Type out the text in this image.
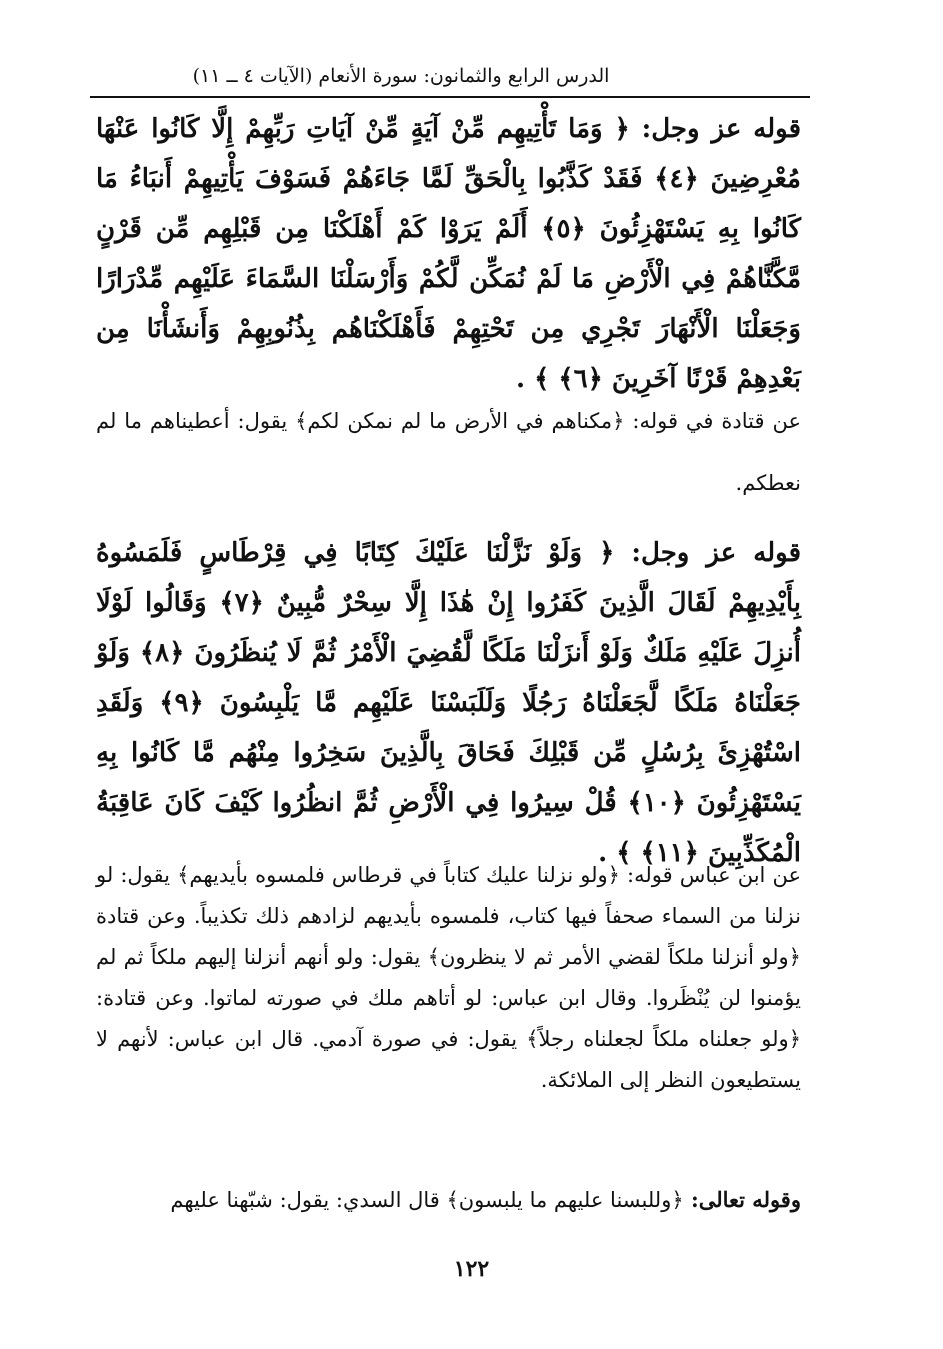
الدرس الرابع والثمانون: سورة الأنعام (الآيات ٤ ــ ١١)
قوله عز وجل: ﴿ وَمَا تَأْتِيهِم مِّنْ آيَةٍ مِّنْ آيَاتِ رَبِّهِمْ إِلَّا كَانُوا عَنْهَا مُعْرِضِينَ ﴿٤﴾ فَقَدْ كَذَّبُوا بِالْحَقِّ لَمَّا جَاءَهُمْ فَسَوْفَ يَأْتِيهِمْ أَنبَاءُ مَا كَانُوا بِهِ يَسْتَهْزِئُونَ ﴿٥﴾ أَلَمْ يَرَوْا كَمْ أَهْلَكْنَا مِن قَبْلِهِم مِّن قَرْنٍ مَّكَّنَّاهُمْ فِي الْأَرْضِ مَا لَمْ نُمَكِّن لَّكُمْ وَأَرْسَلْنَا السَّمَاءَ عَلَيْهِم مِّدْرَارًا وَجَعَلْنَا الْأَنْهَارَ تَجْرِي مِن تَحْتِهِمْ فَأَهْلَكْنَاهُم بِذُنُوبِهِمْ وَأَنشَأْنَا مِن بَعْدِهِمْ قَرْنًا آخَرِينَ ﴿٦﴾ ﴾ .
عن قتادة في قوله: ﴿مكناهم في الأرض ما لم نمكن لكم﴾ يقول: أعطيناهم ما لم نعطكم.
قوله عز وجل: ﴿ وَلَوْ نَزَّلْنَا عَلَيْكَ كِتَابًا فِي قِرْطَاسٍ فَلَمَسُوهُ بِأَيْدِيهِمْ لَقَالَ الَّذِينَ كَفَرُوا إِنْ هَٰذَا إِلَّا سِحْرٌ مُّبِينٌ ﴿٧﴾ وَقَالُوا لَوْلَا أُنزِلَ عَلَيْهِ مَلَكٌ وَلَوْ أَنزَلْنَا مَلَكًا لَّقُضِيَ الْأَمْرُ ثُمَّ لَا يُنظَرُونَ ﴿٨﴾ وَلَوْ جَعَلْنَاهُ مَلَكًا لَّجَعَلْنَاهُ رَجُلًا وَلَلَبَسْنَا عَلَيْهِم مَّا يَلْبِسُونَ ﴿٩﴾ وَلَقَدِ اسْتُهْزِئَ بِرُسُلٍ مِّن قَبْلِكَ فَحَاقَ بِالَّذِينَ سَخِرُوا مِنْهُم مَّا كَانُوا بِهِ يَسْتَهْزِئُونَ ﴿١٠﴾ قُلْ سِيرُوا فِي الْأَرْضِ ثُمَّ انظُرُوا كَيْفَ كَانَ عَاقِبَةُ الْمُكَذِّبِينَ ﴿١١﴾ ﴾ .
عن ابن عباس قوله: ﴿ولو نزلنا عليك كتاباً في قرطاس فلمسوه بأيديهم﴾ يقول: لو نزلنا من السماء صحفاً فيها كتاب، فلمسوه بأيديهم لزادهم ذلك تكذيباً. وعن قتادة ﴿ولو أنزلنا ملكاً لقضي الأمر ثم لا ينظرون﴾ يقول: ولو أنهم أنزلنا إليهم ملكاً ثم لم يؤمنوا لن يُنْظَروا. وقال ابن عباس: لو أتاهم ملك في صورته لماتوا. وعن قتادة: ﴿ولو جعلناه ملكاً لجعلناه رجلاً﴾ يقول: في صورة آدمي. قال ابن عباس: لأنهم لا يستطيعون النظر إلى الملائكة.
وقوله تعالى: ﴿وللبسنا عليهم ما يلبسون﴾ قال السدي: يقول: شبّهنا عليهم
١٢٢
